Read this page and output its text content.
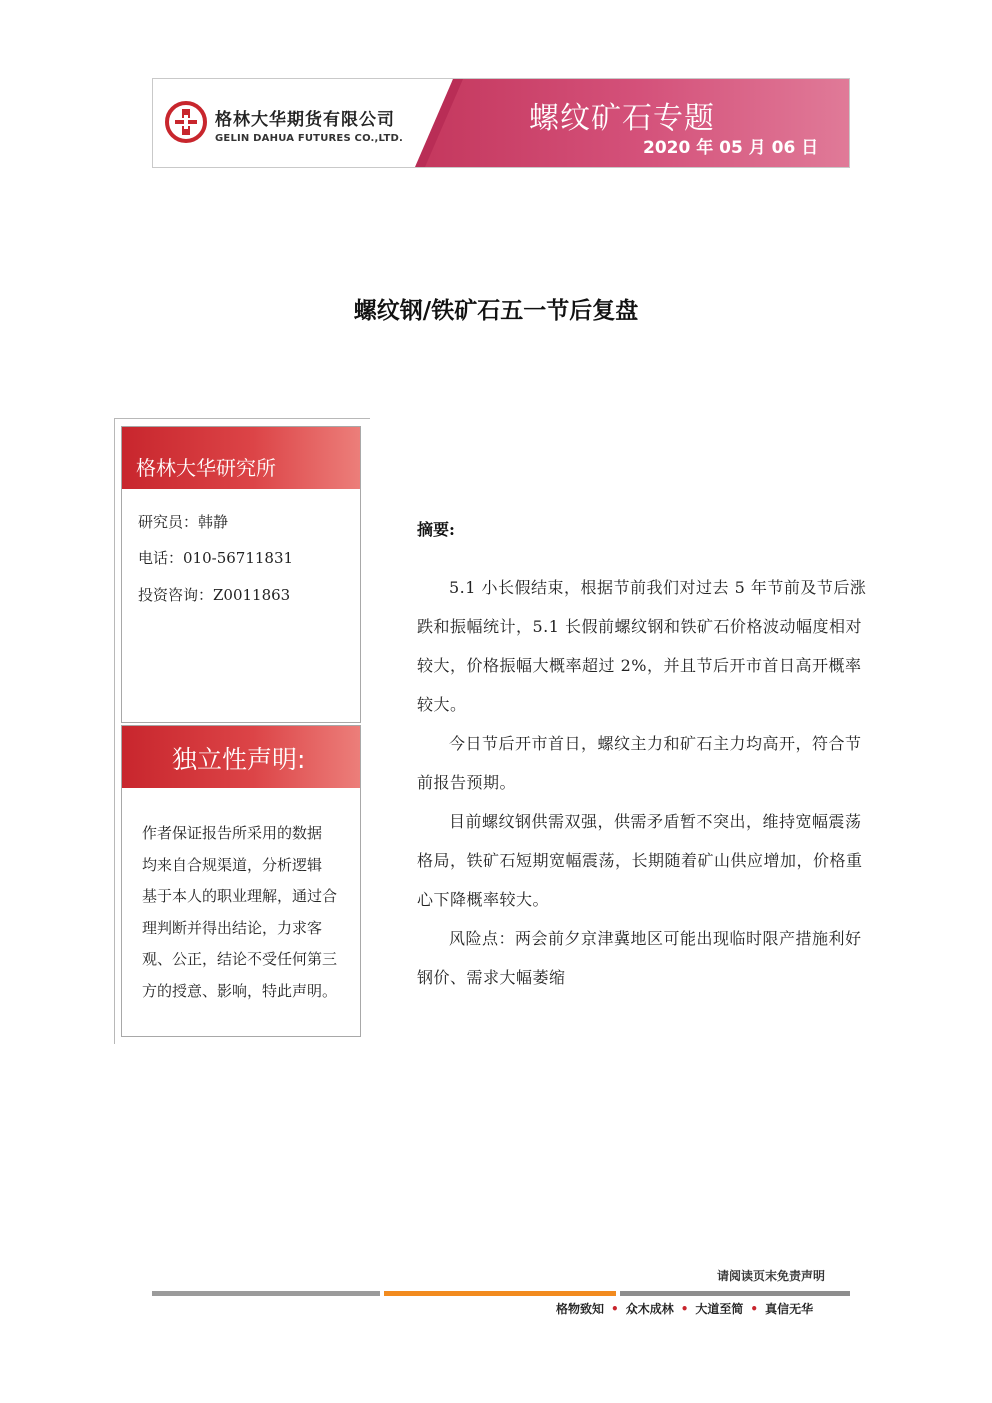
格林大华期货有限公司
GELIN DAHUA FUTURES CO.,LTD.
螺纹矿石专题
2020 年 05 月 06 日
螺纹钢/铁矿石五一节后复盘
格林大华研究所
研究员：韩静
电话：010-56711831
投资咨询：Z0011863
独立性声明:
作者保证报告所采用的数据
均来自合规渠道，分析逻辑
基于本人的职业理解，通过合
理判断并得出结论，力求客
观、公正，结论不受任何第三
方的授意、影响，特此声明。
摘要:
5.1 小长假结束，根据节前我们对过去 5 年节前及节后涨跌和振幅统计，5.1 长假前螺纹钢和铁矿石价格波动幅度相对较大，价格振幅大概率超过 2%，并且节后开市首日高开概率较大。
今日节后开市首日，螺纹主力和矿石主力均高开，符合节前报告预期。
目前螺纹钢供需双强，供需矛盾暂不突出，维持宽幅震荡格局，铁矿石短期宽幅震荡，长期随着矿山供应增加，价格重心下降概率较大。
风险点：两会前夕京津冀地区可能出现临时限产措施利好钢价、需求大幅萎缩
请阅读页末免责声明
格物致知 • 众木成林 • 大道至简 • 真信无华
